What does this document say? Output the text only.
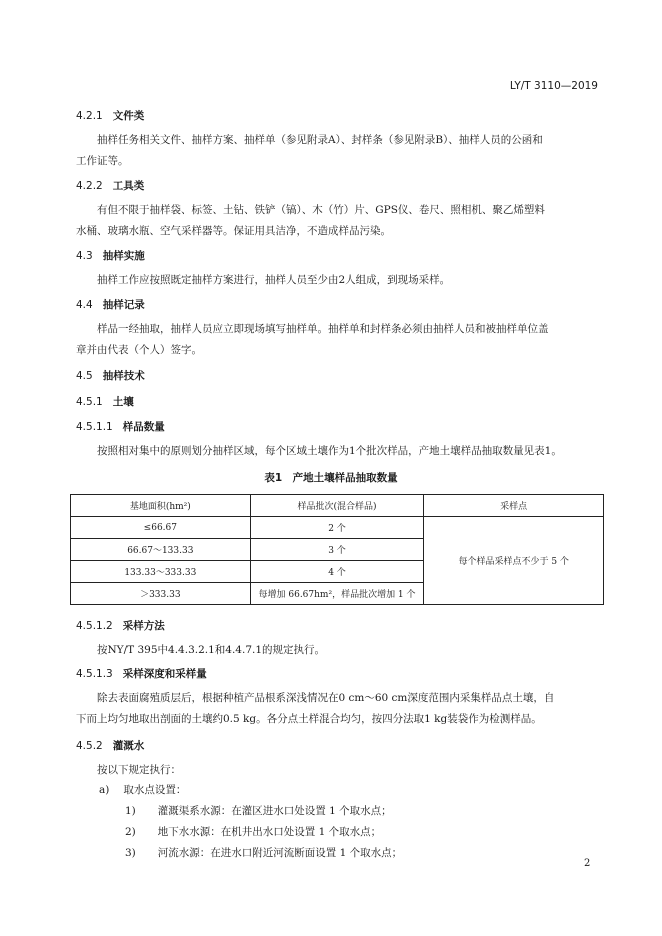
LY/T 3110—2019
4.2.1 文件类
抽样任务相关文件、抽样方案、抽样单（参见附录A）、封样条（参见附录B）、抽样人员的公函和
工作证等。
4.2.2 工具类
有但不限于抽样袋、标签、土钻、铁铲（镐）、木（竹）片、GPS仪、卷尺、照相机、聚乙烯塑料
水桶、玻璃水瓶、空气采样器等。保证用具洁净，不造成样品污染。
4.3 抽样实施
抽样工作应按照既定抽样方案进行，抽样人员至少由2人组成，到现场采样。
4.4 抽样记录
样品一经抽取，抽样人员应立即现场填写抽样单。抽样单和封样条必须由抽样人员和被抽样单位盖
章并由代表（个人）签字。
4.5 抽样技术
4.5.1 土壤
4.5.1.1 样品数量
按照相对集中的原则划分抽样区域，每个区域土壤作为1个批次样品，产地土壤样品抽取数量见表1。
表1　产地土壤样品抽取数量
基地面积(hm²)	样品批次(混合样品)	采样点
≤66.67	2 个	每个样品采样点不少于 5 个
66.67～133.33	3 个	
133.33～333.33	4 个	
＞333.33	每增加 66.67hm²，样品批次增加 1 个	
4.5.1.2 采样方法
按NY/T 395中4.4.3.2.1和4.4.7.1的规定执行。
4.5.1.3 采样深度和采样量
除去表面腐殖质层后，根据种植产品根系深浅情况在0 cm～60 cm深度范围内采集样品点土壤，自
下而上均匀地取出剖面的土壤约0.5 kg。各分点土样混合均匀，按四分法取1 kg装袋作为检测样品。
4.5.2 灌溉水
按以下规定执行：
a) 取水点设置：
1) 灌溉渠系水源：在灌区进水口处设置 1 个取水点；
2) 地下水水源：在机井出水口处设置 1 个取水点；
3) 河流水源：在进水口附近河流断面设置 1 个取水点；
2
